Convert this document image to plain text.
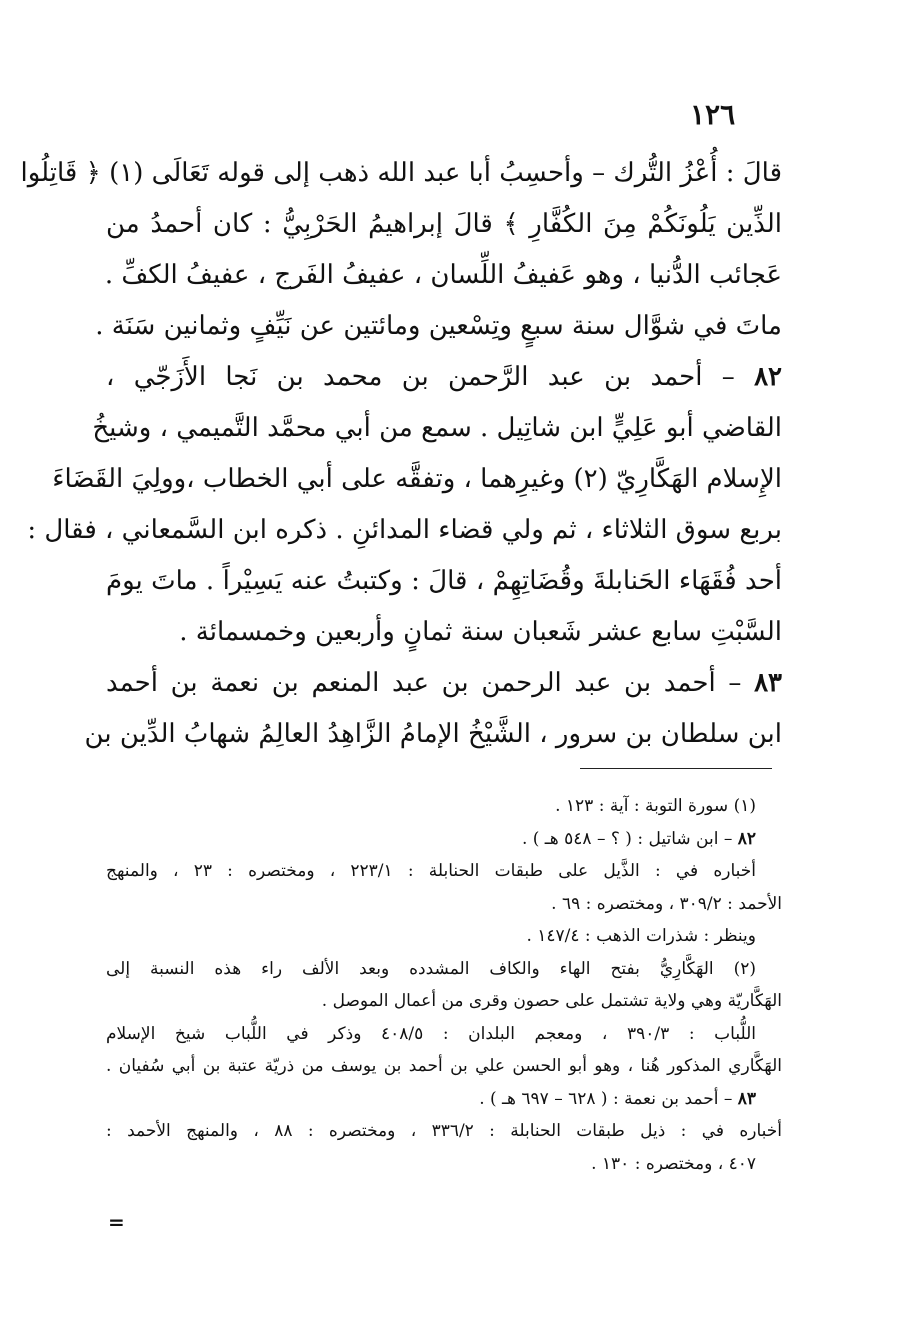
١٢٦
قالَ : أُعْزُ التُّرك – وأحسِبُ أبا عبد الله ذهب إلى قوله تَعَالَى (١) ﴿ قَاتِلُوا
الذِّين يَلُونَكُمْ مِنَ الكُفَّارِ ﴾ قالَ إبراهيمُ الحَرْبِيُّ : كان أحمدُ من
عَجائب الدُّنيا ، وهو عَفيفُ اللِّسان ، عفيفُ الفَرج ، عفيفُ الكفِّ .
ماتَ في شوَّال سنة سبعٍ وتِسْعين ومائتين عن نَيِّفٍ وثمانين سَنَة .
٨٢ – أحمد بن عبد الرَّحمن بن محمد بن نَجا الأَزَجّي ،
القاضي أبو عَلِيٍّ ابن شاتِيل . سمع من أبي محمَّد التَّميمي ، وشيخُ
الإِسلام الهَكَّارِيّ (٢) وغيرِهما ، وتفقَّه على أبي الخطاب ،وولِيَ القَضَاءَ
بربع سوق الثلاثاء ، ثم ولي قضاء المدائنِ . ذكره ابن السَّمعاني ، فقال :
أحد فُقَهَاء الحَنابلةَ وقُضَاتِهِمْ ، قالَ : وكتبتُ عنه يَسِيْراً . ماتَ يومَ
السَّبْتِ سابع عشر شَعبان سنة ثمانٍ وأربعين وخمسمائة .
٨٣ – أحمد بن عبد الرحمن بن عبد المنعم بن نعمة بن أحمد
ابن سلطان بن سرور ، الشَّيْخُ الإمامُ الزَّاهِدُ العالِمُ شهابُ الدِّين بن
(١) سورة التوبة : آية : ١٢٣ .
٨٢ – ابن شاتيل : ( ؟ – ٥٤٨ هـ ) .
أخباره في : الذَّيل على طبقات الحنابلة : ٢٢٣/١ ، ومختصره : ٢٣ ، والمنهج
الأحمد : ٣٠٩/٢ ، ومختصره : ٦٩ .
وينظر : شذرات الذهب : ١٤٧/٤ .
(٢) الهَكَّارِيُّ بفتح الهاء والكاف المشدده وبعد الألف راء هذه النسبة إلى
الهَكَّاريّة وهي ولاية تشتمل على حصون وقرى من أعمال الموصل .
اللُّباب : ٣٩٠/٣ ، ومعجم البلدان : ٤٠٨/٥ وذكر في اللُّباب شيخ الإسلام
الهَكَّاري المذكور هُنا ، وهو أبو الحسن علي بن أحمد بن يوسف من ذريّة عتبة بن أبي سُفيان .
٨٣ – أحمد بن نعمة : ( ٦٢٨ – ٦٩٧ هـ ) .
أخباره في : ذيل طبقات الحنابلة : ٣٣٦/٢ ، ومختصره : ٨٨ ، والمنهج الأحمد :
٤٠٧ ، ومختصره : ١٣٠ .
=
